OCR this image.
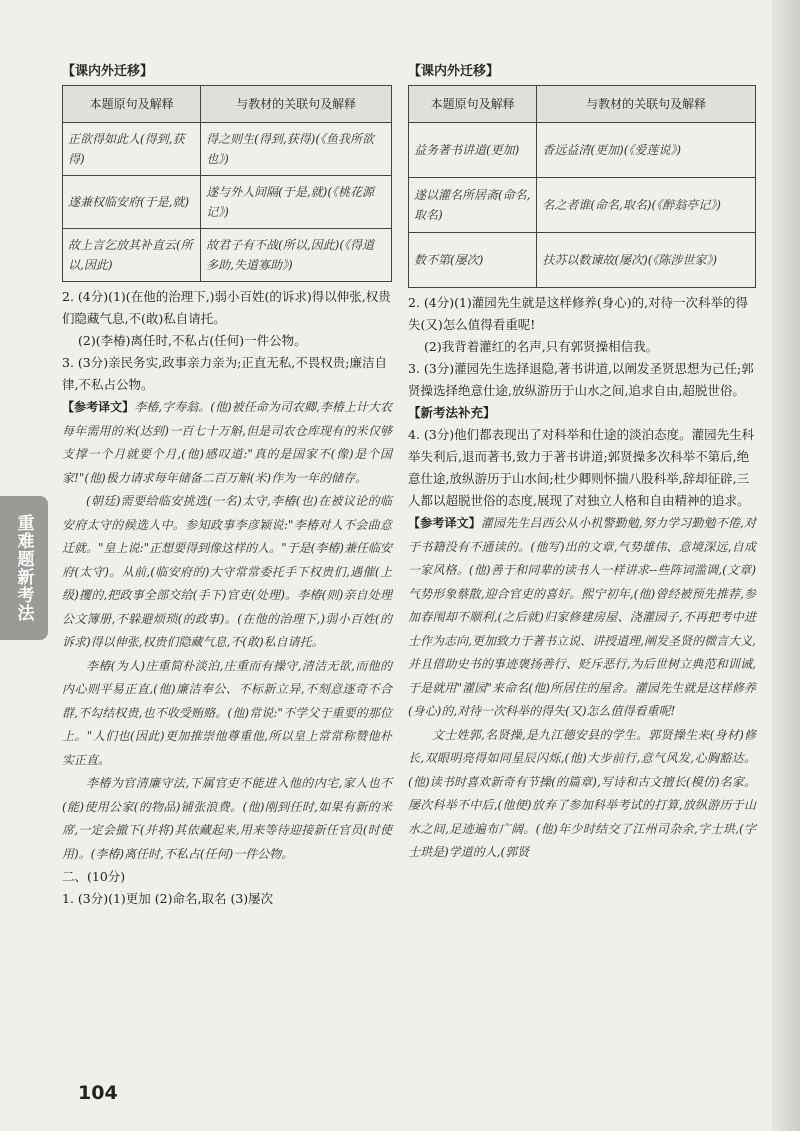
【课内外迁移】

本题原句及解释	与教材的关联句及解释
正欲得如此人(得到,获得)	得之则生(得到,获得)(《鱼我所欲也》)
遂兼权临安府(于是,就)	遂与外人间隔(于是,就)(《桃花源记》)
故上言乞放其补直云(所以,因此)	故君子有不战(所以,因此)(《得道多助,失道寡助》)

2. (4分)(1)(在他的治理下,)弱小百姓(的诉求)得以伸张,权贵们隐藏气息,不(敢)私自请托。

(2)(李椿)离任时,不私占(任何)一件公物。

3. (3分)亲民务实,政事亲力亲为;正直无私,不畏权贵;廉洁自律,不私占公物。

【参考译文】李椿,字寿翁。(他)被任命为司农卿,李椿上计大农每年需用的米(达到)一百七十万斛,但是司农仓库现有的米仅够支撑一个月就要个月,(他)感叹道:"真的是国家不(像)是个国家!"(他)极力请求每年储备二百万斛(米)作为一年的储存。

(朝廷)需要给临安挑选(一名)太守,李椿(也)在被议论的临安府太守的候选人中。参知政事李彦颖说:"李椿对人不会曲意迁就。"皇上说:"正想要得到像这样的人。"于是(李椿)兼任临安府(太守)。从前,(临安府的)大守常常委托手下权贵们,遇催(上级)攫的,把政事全部交给(手下)官吏(处理)。李椿(则)亲自处理公文簿册,不躲避烦琐(的政事)。(在他的治理下,)弱小百姓(的诉求)得以伸张,权贵们隐藏气息,不(敢)私自请托。

李椿(为人)庄重简朴淡泊,庄重而有操守,清洁无欲,而他的内心则平易正直,(他)廉洁奉公、不标新立异,不刻意逐奇不合群,不勾结权贵,也不收受贿赂。(他)常说:"不学父于重要的那位上。"人们也(因此)更加推崇他尊重他,所以皇上常常称赞他朴实正直。

李椿为官清廉守法,下属官吏不能进入他的内宅,家人也不(能)使用公家(的物品)铺张浪费。(他)刚到任时,如果有新的米席,一定会撤下(并将)其依藏起来,用来等待迎接新任官员(时使用)。(李椿)离任时,不私占(任何)一件公物。

二、(10分)

1. (3分)(1)更加 (2)命名,取名 (3)屡次

【课内外迁移】

本题原句及解释	与教材的关联句及解释
益务著书讲道(更加)	香远益清(更加)(《爱莲说》)
遂以灌名所居斋(命名,取名)	名之者谁(命名,取名)(《醉翁亭记》)
数不第(屡次)	扶苏以数谏故(屡次)(《陈涉世家》)

2. (4分)(1)灌园先生就是这样修养(身心)的,对待一次科举的得失(又)怎么值得看重呢!

(2)我背着灌红的名声,只有郭贤操相信我。

3. (3分)灌园先生选择退隐,著书讲道,以阐发圣贤思想为己任;郭贤操选择绝意仕途,放纵游历于山水之间,追求自由,超脱世俗。

【新考法补充】

4. (3分)他们都表现出了对科举和仕途的淡泊态度。灌园先生科举失利后,退而著书,致力于著书讲道;郭贤操多次科举不第后,绝意仕途,放纵游历于山水间;杜少卿则怀揣八股科举,辞却征辟,三人都以超脱世俗的态度,展现了对独立人格和自由精神的追求。

【参考译文】灌园先生吕西公从小机警勤勉,努力学习勤勉不倦,对于书籍没有不通读的。(他写)出的文章,气势雄伟、意境深远,自成一家风格。(他)善于和同辈的读书人一样讲求--些阵词滥调,(文章)气势形象蔡散,迎合官吏的喜好。熙宁初年,(他)曾经被预先推荐,参加春闱却不顺利,(之后就)归家修建房屋、浇灌园子,不再把考中进士作为志向,更加致力于著书立说、讲授道理,阐发圣贤的微言大义,并且借助史书的事迹褒扬善行、贬斥恶行,为后世树立典范和训诫,于是就用"灌园"来命名(他)所居住的屋舍。灌园先生就是这样修养(身心)的,对待一次科举的得失(又)怎么值得看重呢!

文士姓郭,名贤操,是九江德安县的学生。郭贤操生来(身材)修长,双眼明亮得如同星辰闪烁,(他)大步前行,意气风发,心胸豁达。(他)读书时喜欢新奇有节操(的篇章),写诗和古文擅长(模仿)名家。屡次科举不中后,(他便)放弃了参加科举考试的打算,放纵游历于山水之间,足迹遍布广阔。(他)年少时结交了江州司杂余,字士珙,(字士珙是)学道的人,(郭贤

重难题新考法
104
